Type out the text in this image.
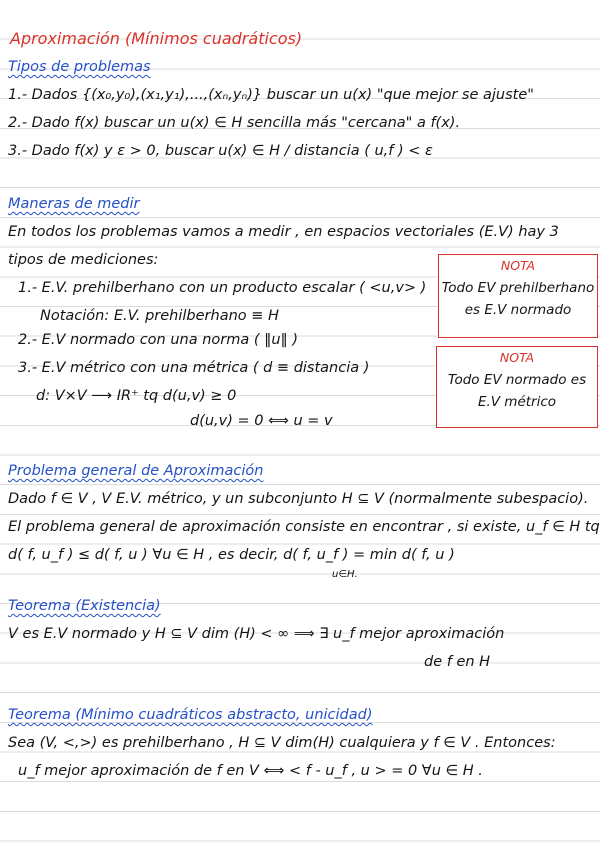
Aproximación (Mínimos cuadráticos)
Tipos de problemas
1.- Dados {(x₀,y₀),(x₁,y₁),...,(xₙ,yₙ)} buscar un u(x) "que mejor se ajuste"
2.- Dado f(x) buscar un u(x) ∈ H sencilla más "cercana" a f(x).
3.- Dado f(x) y ε > 0, buscar u(x) ∈ H / distancia ( u,f ) < ε
Maneras de medir
En todos los problemas vamos a medir , en espacios vectoriales (E.V) hay 3
tipos de mediciones:
1.- E.V. prehilberhano con un producto escalar ( <u,v> )
Notación: E.V. prehilberhano ≡ H
2.- E.V normado con una norma ( ‖u‖ )
3.- E.V métrico con una métrica ( d ≡ distancia )
d: V×V ⟶ IR⁺ tq d(u,v) ≥ 0
d(u,v) = 0 ⟺ u = v
NOTA
Todo EV prehilberhano
es E.V normado
NOTA
Todo EV normado es
E.V métrico
Problema general de Aproximación
Dado f ∈ V , V E.V. métrico, y un subconjunto H ⊆ V (normalmente subespacio).
El problema general de aproximación consiste en encontrar , si existe, u_f ∈ H tq
d( f, u_f ) ≤ d( f, u ) ∀u ∈ H , es decir, d( f, u_f ) = min d( f, u )
u∈H.
Teorema (Existencia)
V es E.V normado y H ⊆ V dim (H) < ∞ ⟹ ∃ u_f mejor aproximación
de f en H
Teorema (Mínimo cuadráticos abstracto, unicidad)
Sea (V, <,>) es prehilberhano , H ⊆ V dim(H) cualquiera y f ∈ V . Entonces:
u_f mejor aproximación de f en V ⟺ < f - u_f , u > = 0 ∀u ∈ H .
